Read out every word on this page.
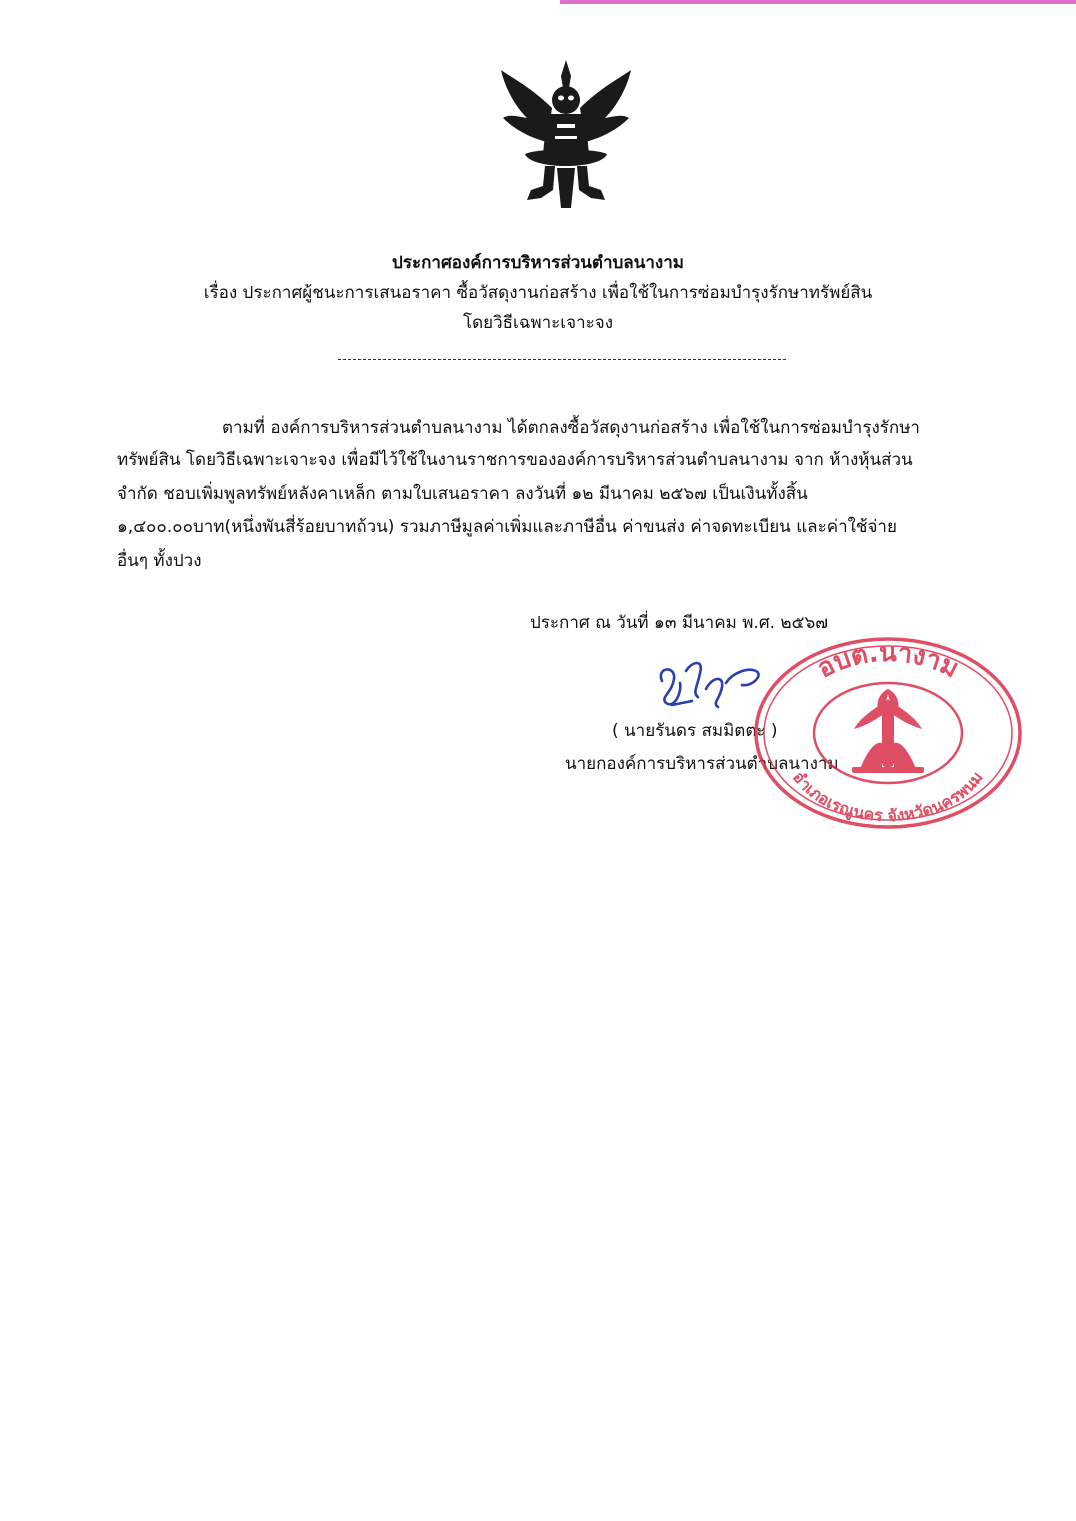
ประกาศองค์การบริหารส่วนตำบลนางาม
เรื่อง ประกาศผู้ชนะการเสนอราคา ซื้อวัสดุงานก่อสร้าง เพื่อใช้ในการซ่อมบำรุงรักษาทรัพย์สิน
โดยวิธีเฉพาะเจาะจง
ตามที่ องค์การบริหารส่วนตำบลนางาม ได้ตกลงซื้อวัสดุงานก่อสร้าง เพื่อใช้ในการซ่อมบำรุงรักษา
ทรัพย์สิน โดยวิธีเฉพาะเจาะจง เพื่อมีไว้ใช้ในงานราชการขององค์การบริหารส่วนตำบลนางาม จาก ห้างหุ้นส่วน
จำกัด ชอบเพิ่มพูลทรัพย์หลังคาเหล็ก ตามใบเสนอราคา ลงวันที่ ๑๒ มีนาคม ๒๕๖๗ เป็นเงินทั้งสิ้น
๑,๔๐๐.๐๐บาท(หนึ่งพันสี่ร้อยบาทถ้วน) รวมภาษีมูลค่าเพิ่มและภาษีอื่น ค่าขนส่ง ค่าจดทะเบียน และค่าใช้จ่าย
อื่นๆ ทั้งปวง
ประกาศ ณ วันที่ ๑๓ มีนาคม พ.ศ. ๒๕๖๗
( นายรันดร สมมิตตะ )
นายกองค์การบริหารส่วนตำบลนางาม
อบต.นางาม
อำเภอเรณูนคร จังหวัดนครพนม
